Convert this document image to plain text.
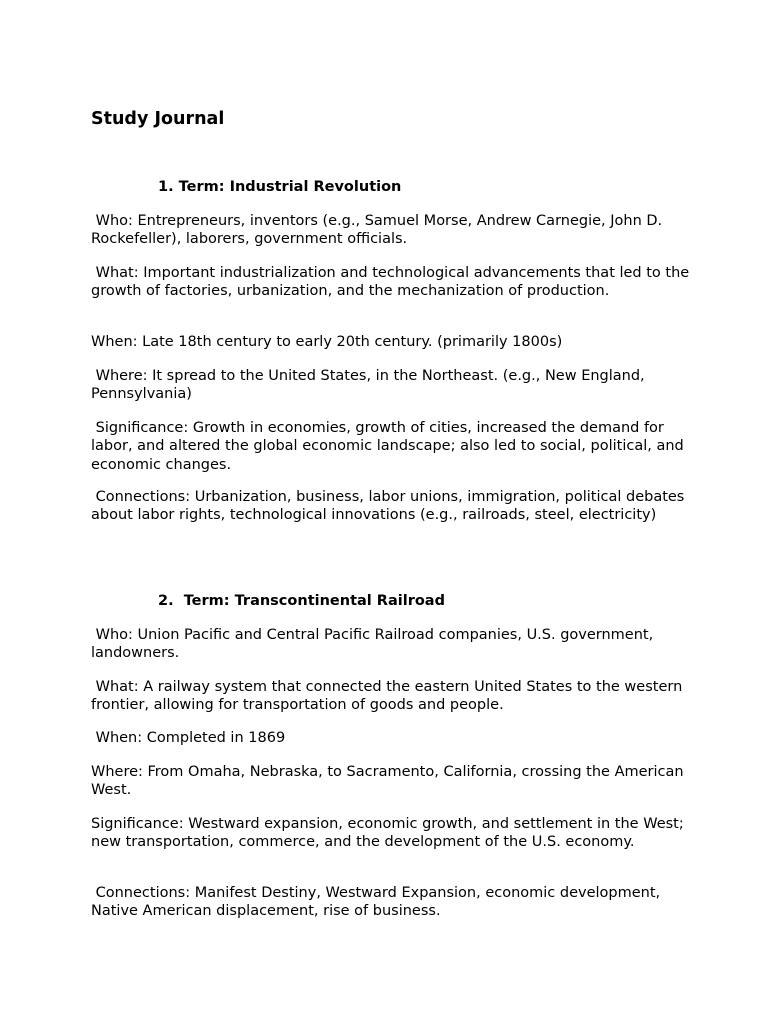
Study Journal
1. Term: Industrial Revolution

Who: Entrepreneurs, inventors (e.g., Samuel Morse, Andrew Carnegie, John D. Rockefeller), laborers, government officials.

What: Important industrialization and technological advancements that led to the growth of factories, urbanization, and the mechanization of production.

When: Late 18th century to early 20th century. (primarily 1800s)

Where: It spread to the United States, in the Northeast. (e.g., New England, Pennsylvania)

Significance: Growth in economies, growth of cities, increased the demand for labor, and altered the global economic landscape; also led to social, political, and economic changes.

Connections: Urbanization, business, labor unions, immigration, political debates about labor rights, technological innovations (e.g., railroads, steel, electricity)

2. Term: Transcontinental Railroad

Who: Union Pacific and Central Pacific Railroad companies, U.S. government, landowners.

What: A railway system that connected the eastern United States to the western frontier, allowing for transportation of goods and people.

When: Completed in 1869

Where: From Omaha, Nebraska, to Sacramento, California, crossing the American West.

Significance: Westward expansion, economic growth, and settlement in the West; new transportation, commerce, and the development of the U.S. economy.

Connections: Manifest Destiny, Westward Expansion, economic development, Native American displacement, rise of business.
